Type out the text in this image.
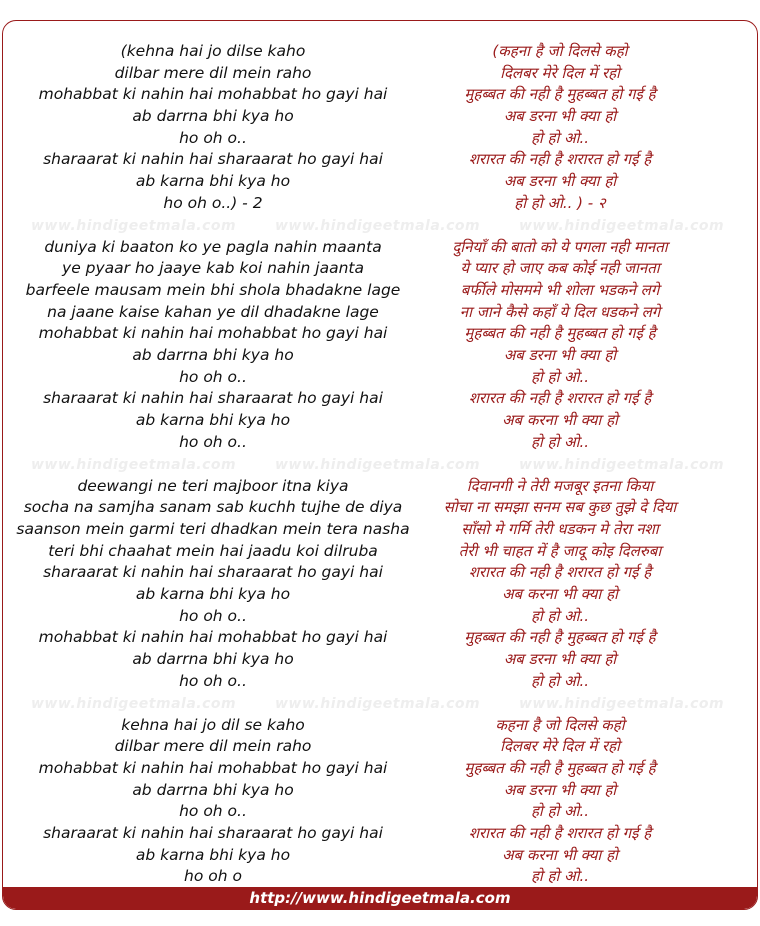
(kehna hai jo dilse kaho
dilbar mere dil mein raho
mohabbat ki nahin hai mohabbat ho gayi hai
ab darrna bhi kya ho
ho oh o..
sharaarat ki nahin hai sharaarat ho gayi hai
ab karna bhi kya ho
ho oh o..) - 2
(कहना है जो दिलसे कहो
दिलबर मेरे दिल में रहो
मुहब्बत की नही है मुहब्बत हो गई है
अब डरना भी क्या हो
हो हो ओ..
शरारत की नही है शरारत हो गई है
अब डरना भी क्या हो
हो हो ओ.. ) - २
www.hindigeetmala.com	www.hindigeetmala.com	www.hindigeetmala.com
duniya ki baaton ko ye pagla nahin maanta
ye pyaar ho jaaye kab koi nahin jaanta
barfeele mausam mein bhi shola bhadakne lage
na jaane kaise kahan ye dil dhadakne lage
mohabbat ki nahin hai mohabbat ho gayi hai
ab darrna bhi kya ho
ho oh o..
sharaarat ki nahin hai sharaarat ho gayi hai
ab karna bhi kya ho
ho oh o..
दुनियाँ की बातो को ये पगला नही मानता
ये प्यार हो जाए कब कोई नही जानता
बर्फीले मोसममे भी शोला भडकने लगे
ना जाने कैसे कहाँ ये दिल धडकने लगे
मुहब्बत की नही है मुहब्बत हो गई है
अब डरना भी क्या हो
हो हो ओ..
शरारत की नही है शरारत हो गई है
अब करना भी क्या हो
हो हो ओ..
www.hindigeetmala.com	www.hindigeetmala.com	www.hindigeetmala.com
deewangi ne teri majboor itna kiya
socha na samjha sanam sab kuchh tujhe de diya
saanson mein garmi teri dhadkan mein tera nasha
teri bhi chaahat mein hai jaadu koi dilruba
sharaarat ki nahin hai sharaarat ho gayi hai
ab karna bhi kya ho
ho oh o..
mohabbat ki nahin hai mohabbat ho gayi hai
ab darrna bhi kya ho
ho oh o..
दिवानगी ने तेरी मजबूर इतना किया
सोचा ना समझा सनम सब कुछ तुझे दे दिया
साँसो मे गर्मि तेरी धडकन मे तेरा नशा
तेरी भी चाहत में है जादू कोइ दिलरुबा
शरारत की नही है शरारत हो गई है
अब करना भी क्या हो
हो हो ओ..
मुहब्बत की नही है मुहब्बत हो गई है
अब डरना भी क्या हो
हो हो ओ..
www.hindigeetmala.com	www.hindigeetmala.com	www.hindigeetmala.com
kehna hai jo dil se kaho
dilbar mere dil mein raho
mohabbat ki nahin hai mohabbat ho gayi hai
ab darrna bhi kya ho
ho oh o..
sharaarat ki nahin hai sharaarat ho gayi hai
ab karna bhi kya ho
ho oh o
कहना है जो दिलसे कहो
दिलबर मेरे दिल में रहो
मुहब्बत की नही है मुहब्बत हो गई है
अब डरना भी क्या हो
हो हो ओ..
शरारत की नही है शरारत हो गई है
अब करना भी क्या हो
हो हो ओ..
http://www.hindigeetmala.com
